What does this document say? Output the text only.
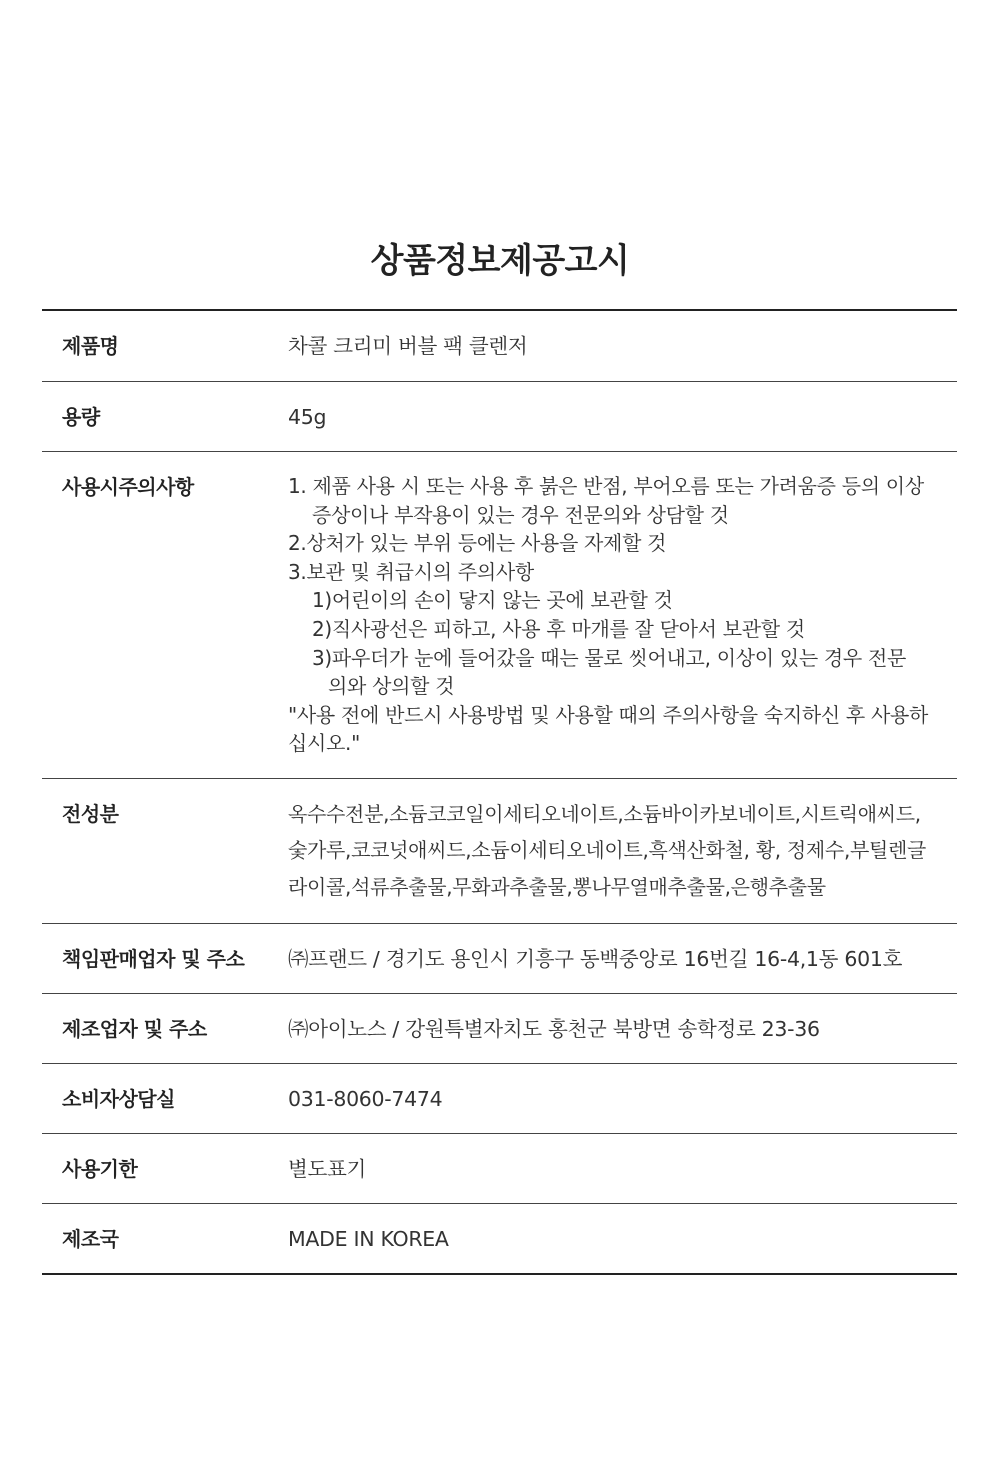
상품정보제공고시
제품명	차콜 크리미 버블 팩 클렌저
용량	45g
사용시주의사항	1. 제품 사용 시 또는 사용 후 붉은 반점, 부어오름 또는 가려움증 등의 이상
증상이나 부작용이 있는 경우 전문의와 상담할 것
2.상처가 있는 부위 등에는 사용을 자제할 것
3.보관 및 취급시의 주의사항
1)어린이의 손이 닿지 않는 곳에 보관할 것
2)직사광선은 피하고, 사용 후 마개를 잘 닫아서 보관할 것
3)파우더가 눈에 들어갔을 때는 물로 씻어내고, 이상이 있는 경우 전문
의와 상의할 것
"사용 전에 반드시 사용방법 및 사용할 때의 주의사항을 숙지하신 후 사용하
십시오."
전성분	옥수수전분,소듐코코일이세티오네이트,소듐바이카보네이트,시트릭애씨드,
숯가루,코코넛애씨드,소듐이세티오네이트,흑색산화철, 황, 정제수,부틸렌글
라이콜,석류추출물,무화과추출물,뽕나무열매추출물,은행추출물
책임판매업자 및 주소	㈜프랜드 / 경기도 용인시 기흥구 동백중앙로 16번길 16-4,1동 601호
제조업자 및 주소	㈜아이노스 / 강원특별자치도 홍천군 북방면 송학정로 23-36
소비자상담실	031-8060-7474
사용기한	별도표기
제조국	MADE IN KOREA
